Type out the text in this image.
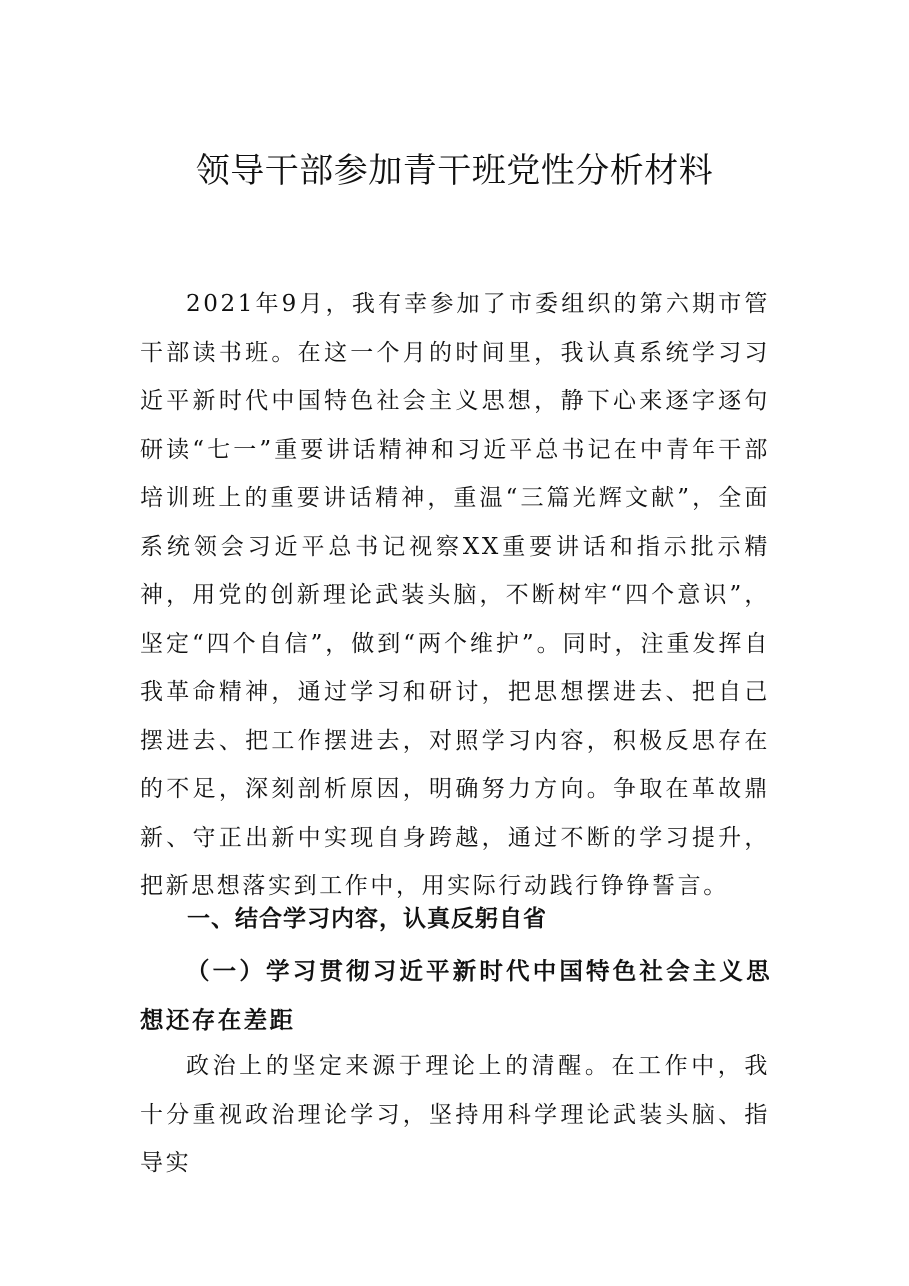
领导干部参加青干班党性分析材料

2021年9月，我有幸参加了市委组织的第六期市管干部读书班。在这一个月的时间里，我认真系统学习习近平新时代中国特色社会主义思想，静下心来逐字逐句研读“七一”重要讲话精神和习近平总书记在中青年干部培训班上的重要讲话精神，重温“三篇光辉文献”，全面系统领会习近平总书记视察XX重要讲话和指示批示精神，用党的创新理论武装头脑，不断树牢“四个意识”，坚定“四个自信”，做到“两个维护”。同时，注重发挥自我革命精神，通过学习和研讨，把思想摆进去、把自己摆进去、把工作摆进去，对照学习内容，积极反思存在的不足，深刻剖析原因，明确努力方向。争取在革故鼎新、守正出新中实现自身跨越，通过不断的学习提升，把新思想落实到工作中，用实际行动践行铮铮誓言。

一、结合学习内容，认真反躬自省
（一）学习贯彻习近平新时代中国特色社会主义思想还存在差距

政治上的坚定来源于理论上的清醒。在工作中，我十分重视政治理论学习，坚持用科学理论武装头脑、指导实
